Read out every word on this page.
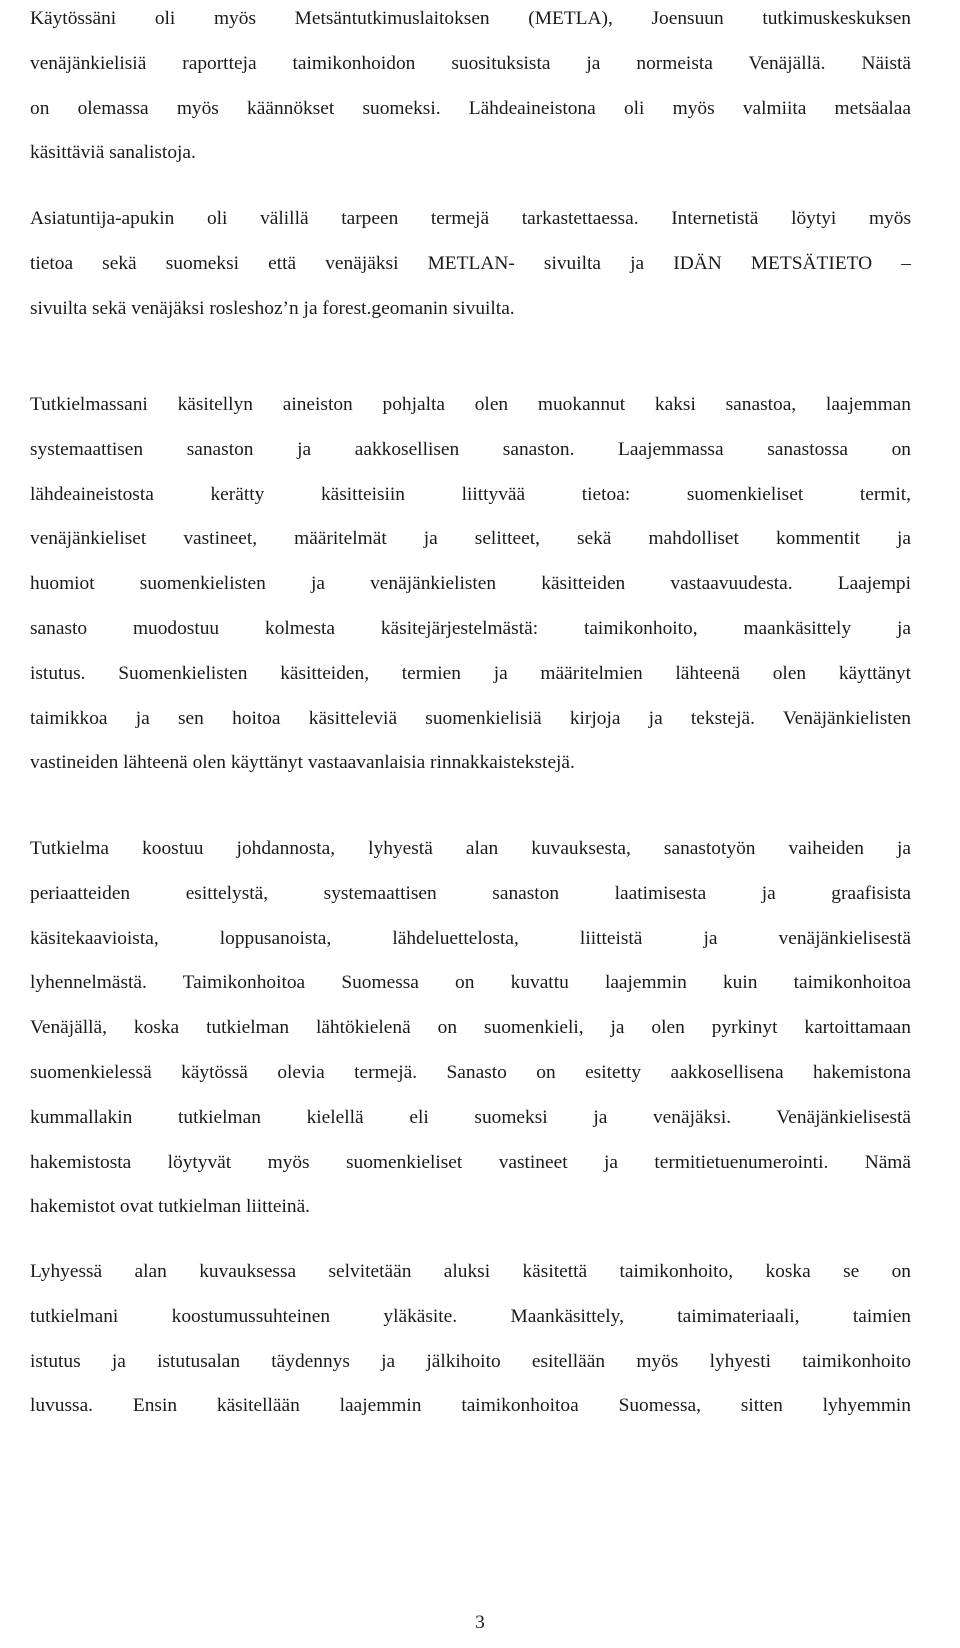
Käytössäni oli myös Metsäntutkimuslaitoksen (METLA), Joensuun tutkimuskeskuksen
venäjänkielisiä raportteja taimikonhoidon suosituksista ja normeista Venäjällä. Näistä
on olemassa myös käännökset suomeksi. Lähdeaineistona oli myös valmiita metsäalaa
käsittäviä sanalistoja.

Asiatuntija-apukin oli välillä tarpeen termejä tarkastettaessa. Internetistä löytyi myös
tietoa sekä suomeksi että venäjäksi METLAN- sivuilta ja IDÄN METSÄTIETO –
sivuilta sekä venäjäksi rosleshoz’n ja forest.geomanin sivuilta.

Tutkielmassani käsitellyn aineiston pohjalta olen muokannut kaksi sanastoa, laajemman
systemaattisen sanaston ja aakkosellisen sanaston. Laajemmassa sanastossa on
lähdeaineistosta kerätty käsitteisiin liittyvää tietoa: suomenkieliset termit,
venäjänkieliset vastineet, määritelmät ja selitteet, sekä mahdolliset kommentit ja
huomiot suomenkielisten ja venäjänkielisten käsitteiden vastaavuudesta. Laajempi
sanasto muodostuu kolmesta käsitejärjestelmästä: taimikonhoito, maankäsittely ja
istutus. Suomenkielisten käsitteiden, termien ja määritelmien lähteenä olen käyttänyt
taimikkoa ja sen hoitoa käsitteleviä suomenkielisiä kirjoja ja tekstejä. Venäjänkielisten
vastineiden lähteenä olen käyttänyt vastaavanlaisia rinnakkaistekstejä.

Tutkielma koostuu johdannosta, lyhyestä alan kuvauksesta, sanastotyön vaiheiden ja
periaatteiden esittelystä, systemaattisen sanaston laatimisesta ja graafisista
käsitekaavioista, loppusanoista, lähdeluettelosta, liitteistä ja venäjänkielisestä
lyhennelmästä. Taimikonhoitoa Suomessa on kuvattu laajemmin kuin taimikonhoitoa
Venäjällä, koska tutkielman lähtökielenä on suomenkieli, ja olen pyrkinyt kartoittamaan
suomenkielessä käytössä olevia termejä. Sanasto on esitetty aakkosellisena hakemistona
kummallakin tutkielman kielellä eli suomeksi ja venäjäksi. Venäjänkielisestä
hakemistosta löytyvät myös suomenkieliset vastineet ja termitietuenumerointi. Nämä
hakemistot ovat tutkielman liitteinä.

Lyhyessä alan kuvauksessa selvitetään aluksi käsitettä taimikonhoito, koska se on
tutkielmani koostumussuhteinen yläkäsite. Maankäsittely, taimimateriaali, taimien
istutus ja istutusalan täydennys ja jälkihoito esitellään myös lyhyesti taimikonhoito
luvussa. Ensin käsitellään laajemmin taimikonhoitoa Suomessa, sitten lyhyemmin

3
